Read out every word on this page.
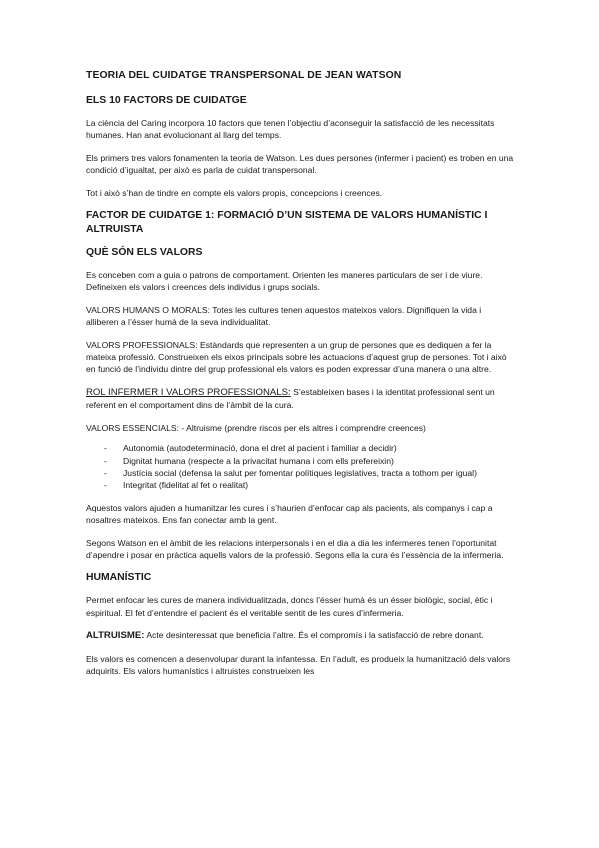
TEORIA DEL CUIDATGE TRANSPERSONAL DE JEAN WATSON

ELS 10 FACTORS DE CUIDATGE

La ciència del Caring incorpora 10 factors que tenen l’objectiu d’aconseguir la satisfacció de les necessitats humanes. Han anat evolucionant al llarg del temps.

Els primers tres valors fonamenten la teoria de Watson. Les dues persones (infermer i pacient) es troben en una condició d’igualtat, per això es parla de cuidat transpersonal.

Tot i això s’han de tindre en compte els valors propis, concepcions i creences.

FACTOR DE CUIDATGE 1: FORMACIÓ D’UN SISTEMA DE VALORS HUMANÍSTIC I ALTRUISTA

QUÈ SÓN ELS VALORS

Es conceben com a guia o patrons de comportament. Orienten les maneres particulars de ser i de viure. Defineixen els valors i creences dels individus i grups socials.

VALORS HUMANS O MORALS: Totes les cultures tenen aquestos mateixos valors. Dignifiquen la vida i alliberen a l’ésser humà de la seva individualitat.

VALORS PROFESSIONALS: Estàndards que representen a un grup de persones que es dediquen a fer la mateixa professió. Construeixen els eixos principals sobre les actuacions d’aquest grup de persones. Tot i això en funció de l’individu dintre del grup professional els valors es poden expressar d’una manera o una altre.

ROL INFERMER I VALORS PROFESSIONALS: S’estableixen bases i la identitat professional sent un referent en el comportament dins de l’àmbit de la cura.

VALORS ESSENCIALS: - Altruisme (prendre riscos per els altres i comprendre creences)

- Autonomia (autodeterminació, dona el dret al pacient i familiar a decidir)
- Dignitat humana (respecte a la privacitat humana i com ells prefereixin)
- Justícia social (defensa la salut per fomentar polítiques legislatives, tracta a tothom per igual)
- Integritat (fidelitat al fet o realitat)

Aquestos valors ajuden a humanitzar les cures i s’haurien d’enfocar cap als pacients, als companys i cap a nosaltres mateixos. Ens fan conectar amb la gent.

Segons Watson en el àmbit de les relacions interpersonals i en el dia a dia les infermeres tenen l’oportunitat d’apendre i posar en pràctica aquells valors de la professió. Segons ella la cura és l’essència de la infermeria.

HUMANÍSTIC

Permet enfocar les cures de manera individualitzada, doncs l’ésser humà és un ésser biològic, social, ètic i espiritual. El fet d’entendre el pacient és el veritable sentit de les cures d’infermeria.

ALTRUISME: Acte desinteressat que beneficia l’altre. És el compromís i la satisfacció de rebre donant.

Els valors es comencen a desenvolupar durant la infantessa. En l’adult, es produeix la humanització dels valors adquirits. Els valors humanístics i altruistes construeixen les
